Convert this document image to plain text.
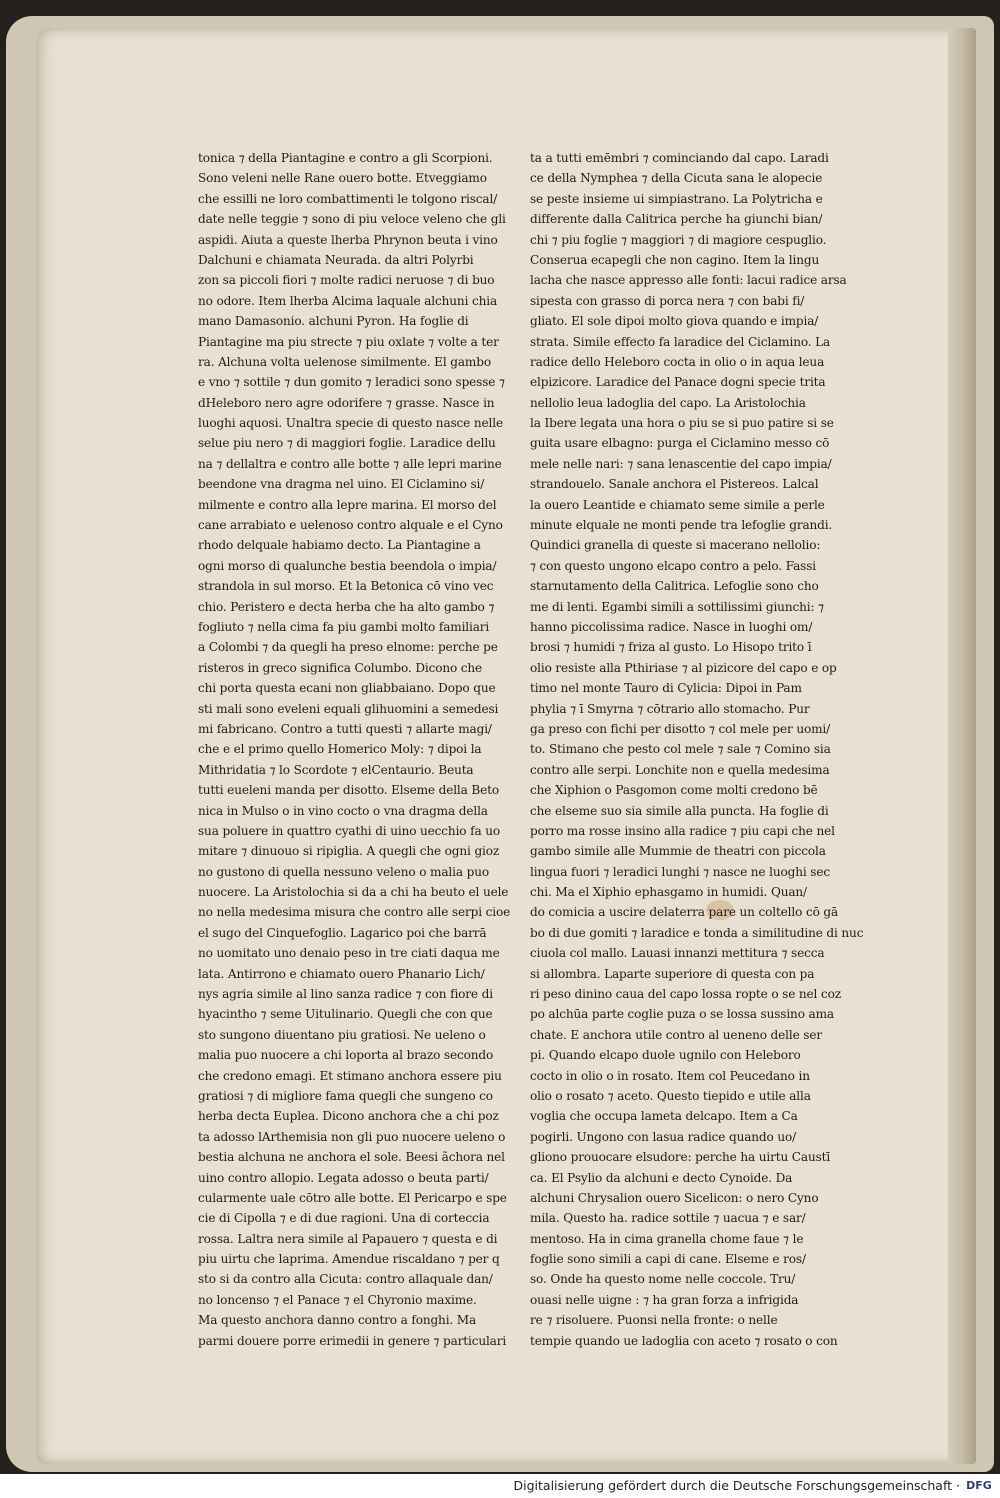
tonica ⁊ della Piantagine e contro a gli Scorpioni.
Sono veleni nelle Rane ouero botte. Etveggiamo
che essilli ne loro combattimenti le tolgono riscal/
date nelle teggie ⁊ sono di piu veloce veleno che gli
aspidi. Aiuta a queste lherba Phrynon beuta i vino
Dalchuni e chiamata Neurada. da altri Polyrbi
zon sa piccoli fiori ⁊ molte radici neruose ⁊ di buo
no odore. Item lherba Alcima laquale alchuni chia
mano Damasonio. alchuni Pyron. Ha foglie di
Piantagine ma piu strecte ⁊ piu oxlate ⁊ volte a ter
ra. Alchuna volta uelenose similmente. El gambo
e vno ⁊ sottile ⁊ dun gomito ⁊ leradici sono spesse ⁊
dHeleboro nero agre odorifere ⁊ grasse. Nasce in
luoghi aquosi. Unaltra specie di questo nasce nelle
selue piu nero ⁊ di maggiori foglie. Laradice dellu
na ⁊ dellaltra e contro alle botte ⁊ alle lepri marine
beendone vna dragma nel uino. El Ciclamino si/
milmente e contro alla lepre marina. El morso del
cane arrabiato e uelenoso contro alquale e el Cyno
rhodo delquale habiamo decto. La Piantagine a
ogni morso di qualunche bestia beendola o impia/
strandola in sul morso. Et la Betonica cō vino vec
chio. Peristero e decta herba che ha alto gambo ⁊
fogliuto ⁊ nella cima fa piu gambi molto familiari
a Colombi ⁊ da quegli ha preso elnome: perche pe
risteros in greco significa Columbo. Dicono che
chi porta questa ecani non gliabbaiano. Dopo que
sti mali sono eveleni equali glihuomini a semedesi
mi fabricano. Contro a tutti questi ⁊ allarte magi/
che e el primo quello Homerico Moly: ⁊ dipoi la
Mithridatia ⁊ lo Scordote ⁊ elCentaurio. Beuta
tutti eueleni manda per disotto. Elseme della Beto
nica in Mulso o in vino cocto o vna dragma della
sua poluere in quattro cyathi di uino uecchio fa uo
mitare ⁊ dinuouo si ripiglia. A quegli che ogni gioz
no gustono di quella nessuno veleno o malia puo
nuocere. La Aristolochia si da a chi ha beuto el uele
no nella medesima misura che contro alle serpi cioe
el sugo del Cinquefoglio. Lagarico poi che barrā
no uomitato uno denaio peso in tre ciati daqua me
lata. Antirrono e chiamato ouero Phanario Lich/
nys agria simile al lino sanza radice ⁊ con fiore di
hyacintho ⁊ seme Uitulinario. Quegli che con que
sto sungono diuentano piu gratiosi. Ne ueleno o
malia puo nuocere a chi loporta al brazo secondo
che credono emagi. Et stimano anchora essere piu
gratiosi ⁊ di migliore fama quegli che sungeno co
herba decta Euplea. Dicono anchora che a chi poz
ta adosso lArthemisia non gli puo nuocere ueleno o
bestia alchuna ne anchora el sole. Beesi ãchora nel
uino contro allopio. Legata adosso o beuta parti/
cularmente uale cōtro alle botte. El Pericarpo e spe
cie di Cipolla ⁊ e di due ragioni. Una di corteccia
rossa. Laltra nera simile al Papauero ⁊ questa e di
piu uirtu che laprima. Amendue riscaldano ⁊ per q
sto si da contro alla Cicuta: contro allaquale dan/
no loncenso ⁊ el Panace ⁊ el Chyronio maxime.
Ma questo anchora danno contro a fonghi. Ma
parmi douere porre erimedii in genere ⁊ particulari
ta a tutti emēmbri ⁊ cominciando dal capo. Laradi
ce della Nymphea ⁊ della Cicuta sana le alopecie
se peste insieme ui simpiastrano. La Polytricha e
differente dalla Calitrica perche ha giunchi bian/
chi ⁊ piu foglie ⁊ maggiori ⁊ di magiore cespuglio.
Conserua ecapegli che non cagino. Item la lingu
lacha che nasce appresso alle fonti: lacui radice arsa
sipesta con grasso di porca nera ⁊ con babi fi/
gliato. El sole dipoi molto giova quando e impia/
strata. Simile effecto fa laradice del Ciclamino. La
radice dello Heleboro cocta in olio o in aqua leua
elpizicore. Laradice del Panace dogni specie trita
nellolio leua ladoglia del capo. La Aristolochia
la Ibere legata una hora o piu se si puo patire si se
guita usare elbagno: purga el Ciclamino messo cō
mele nelle nari: ⁊ sana lenascentie del capo impia/
strandouelo. Sanale anchora el Pistereos. Lalcal
la ouero Leantide e chiamato seme simile a perle
minute elquale ne monti pende tra lefoglie grandi.
Quindici granella di queste si macerano nellolio:
⁊ con questo ungono elcapo contro a pelo. Fassi
starnutamento della Calitrica. Lefoglie sono cho
me di lenti. Egambi simili a sottilissimi giunchi: ⁊
hanno piccolissima radice. Nasce in luoghi om/
brosi ⁊ humidi ⁊ friza al gusto. Lo Hisopo trito ī
olio resiste alla Pthiriase ⁊ al pizicore del capo e op
timo nel monte Tauro di Cylicia: Dipoi in Pam
phylia ⁊ ī Smyrna ⁊ cōtrario allo stomacho. Pur
ga preso con fichi per disotto ⁊ col mele per uomi/
to. Stimano che pesto col mele ⁊ sale ⁊ Comino sia
contro alle serpi. Lonchite non e quella medesima
che Xiphion o Pasgomon come molti credono bē
che elseme suo sia simile alla puncta. Ha foglie di
porro ma rosse insino alla radice ⁊ piu capi che nel
gambo simile alle Mummie de theatri con piccola
lingua fuori ⁊ leradici lunghi ⁊ nasce ne luoghi sec
chi. Ma el Xiphio ephasgamo in humidi. Quan/
do comicia a uscire delaterra pare un coltello cō gā
bo di due gomiti ⁊ laradice e tonda a similitudine di nuc
ciuola col mallo. Lauasi innanzi mettitura ⁊ secca
si allombra. Laparte superiore di questa con pa
ri peso dinino caua del capo lossa ropte o se nel coz
po alchūa parte coglie puza o se lossa sussino ama
chate. E anchora utile contro al ueneno delle ser
pi. Quando elcapo duole ugnilo con Heleboro
cocto in olio o in rosato. Item col Peucedano in
olio o rosato ⁊ aceto. Questo tiepido e utile alla
voglia che occupa lameta delcapo. Item a Ca
pogirli. Ungono con lasua radice quando uo/
gliono prouocare elsudore: perche ha uirtu Caustī
ca. El Psylio da alchuni e decto Cynoide. Da
alchuni Chrysalion ouero Sicelicon: o nero Cyno
mila. Questo ha. radice sottile ⁊ uacua ⁊ e sar/
mentoso. Ha in cima granella chome faue ⁊ le
foglie sono simili a capi di cane. Elseme e ros/
so. Onde ha questo nome nelle coccole. Tru/
ouasi nelle uigne : ⁊ ha gran forza a infrigida
re ⁊ risoluere. Puonsi nella fronte: o nelle
tempie quando ue ladoglia con aceto ⁊ rosato o con
Digitalisierung gefördert durch die Deutsche Forschungsgemeinschaft · DFG
